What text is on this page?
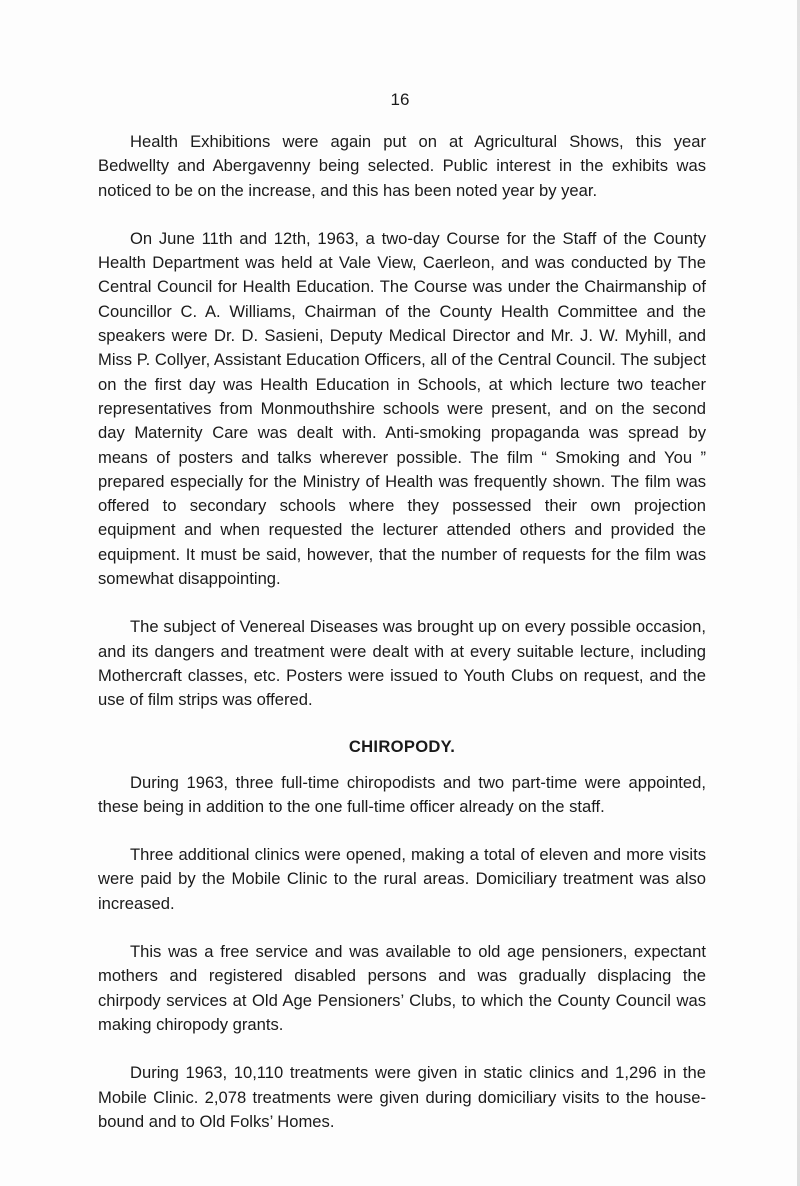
16

Health Exhibitions were again put on at Agricultural Shows, this year Bedwellty and Abergavenny being selected. Public interest in the exhibits was noticed to be on the increase, and this has been noted year by year.

On June 11th and 12th, 1963, a two-day Course for the Staff of the County Health Department was held at Vale View, Caerleon, and was conducted by The Central Council for Health Education. The Course was under the Chairmanship of Councillor C. A. Williams, Chairman of the County Health Committee and the speakers were Dr. D. Sasieni, Deputy Medical Director and Mr. J. W. Myhill, and Miss P. Collyer, Assistant Education Officers, all of the Central Council. The subject on the first day was Health Education in Schools, at which lecture two teacher representatives from Monmouthshire schools were present, and on the second day Maternity Care was dealt with. Anti-smoking propaganda was spread by means of posters and talks wherever possible. The film “ Smoking and You ” prepared especially for the Ministry of Health was frequently shown. The film was offered to secondary schools where they possessed their own projection equipment and when requested the lecturer attended others and provided the equipment. It must be said, however, that the number of requests for the film was somewhat disappointing.

The subject of Venereal Diseases was brought up on every possible occasion, and its dangers and treatment were dealt with at every suitable lecture, including Mothercraft classes, etc. Posters were issued to Youth Clubs on request, and the use of film strips was offered.

CHIROPODY.

During 1963, three full-time chiropodists and two part-time were appointed, these being in addition to the one full-time officer already on the staff.

Three additional clinics were opened, making a total of eleven and more visits were paid by the Mobile Clinic to the rural areas. Domiciliary treatment was also increased.

This was a free service and was available to old age pensioners, expectant mothers and registered disabled persons and was gradually displacing the chirpody services at Old Age Pensioners’ Clubs, to which the County Council was making chiropody grants.

During 1963, 10,110 treatments were given in static clinics and 1,296 in the Mobile Clinic. 2,078 treatments were given during domiciliary visits to the house-bound and to Old Folks’ Homes.
